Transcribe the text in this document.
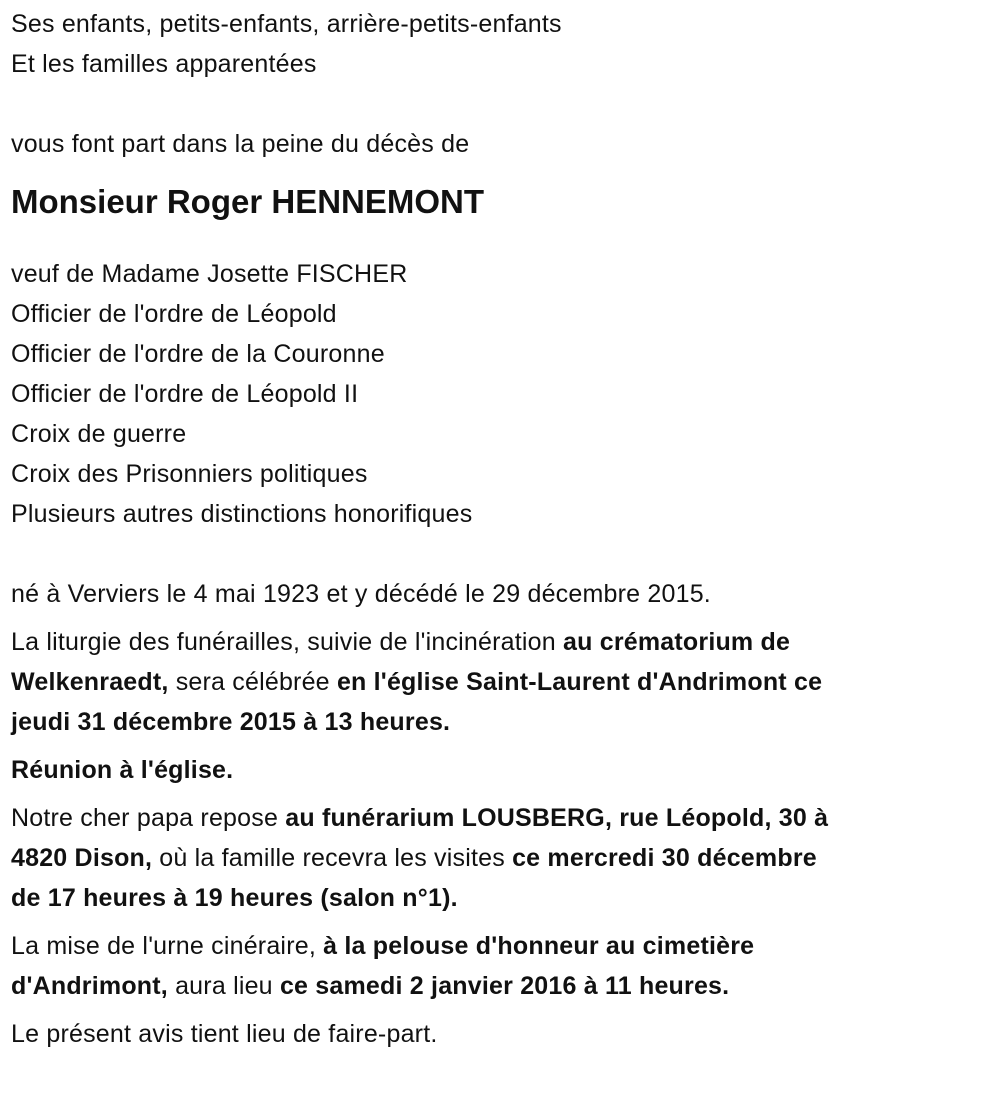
Ses enfants, petits-enfants, arrière-petits-enfants
Et les familles apparentées
vous font part dans la peine du décès de
Monsieur Roger HENNEMONT
veuf de Madame Josette FISCHER
Officier de l'ordre de Léopold
Officier de l'ordre de la Couronne
Officier de l'ordre de Léopold II
Croix de guerre
Croix des Prisonniers politiques
Plusieurs autres distinctions honorifiques
né à Verviers le 4 mai 1923 et y décédé le 29 décembre 2015.
La liturgie des funérailles, suivie de l'incinération au crématorium de
Welkenraedt, sera célébrée en l'église Saint-Laurent d'Andrimont ce
jeudi 31 décembre 2015 à 13 heures.
Réunion à l'église.
Notre cher papa repose au funérarium LOUSBERG, rue Léopold, 30 à
4820 Dison, où la famille recevra les visites ce mercredi 30 décembre
de 17 heures à 19 heures (salon n°1).
La mise de l'urne cinéraire, à la pelouse d'honneur au cimetière
d'Andrimont, aura lieu ce samedi 2 janvier 2016 à 11 heures.
Le présent avis tient lieu de faire-part.
